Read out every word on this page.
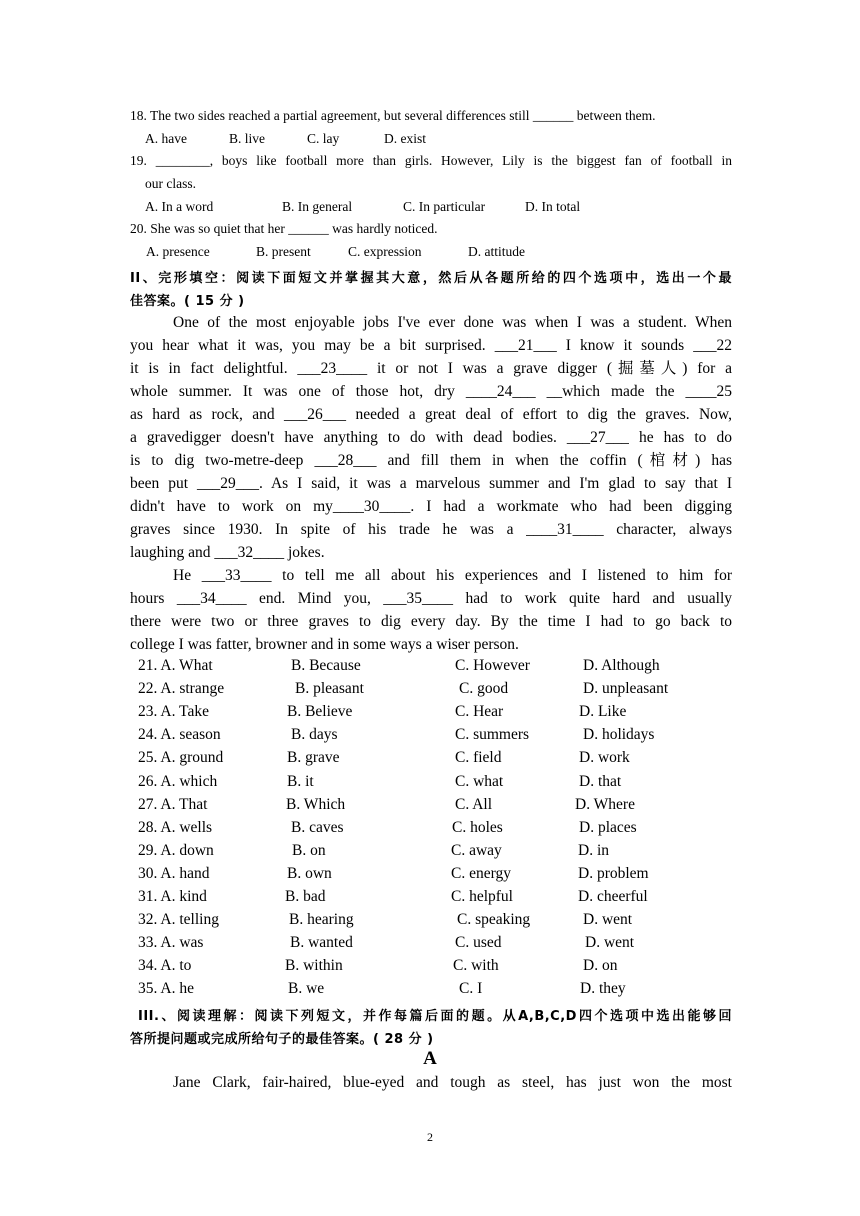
18. The two sides reached a partial agreement, but several differences still ______ between them.
A. have	B. live	C. lay	D. exist
19. ________, boys like football more than girls. However, Lily is the biggest fan of football in
our class.
A. In a word	B. In general	C. In particular	D. In total
20. She was so quiet that her ______ was hardly noticed.
A. presence	B. present	C. expression	D. attitude
II、完形填空：阅读下面短文并掌握其大意，然后从各题所给的四个选项中，选出一个最
佳答案。( 15 分 )
One of the most enjoyable jobs I've ever done was when I was a student. When
you hear what it was, you may be a bit surprised. ___21___ I know it sounds ___22
it is in fact delightful. ___23____ it or not I was a grave digger (掘墓人) for a
whole summer. It was one of those hot, dry ____24___ __which made the ____25
as hard as rock, and ___26___ needed a great deal of effort to dig the graves. Now,
a gravedigger doesn't have anything to do with dead bodies. ___27___ he has to do
is to dig two-metre-deep ___28___ and fill them in when the coffin (棺材) has
been put ___29___. As I said, it was a marvelous summer and I'm glad to say that I
didn't have to work on my____30____. I had a workmate who had been digging
graves since 1930. In spite of his trade he was a ____31____ character, always
laughing and ___32____ jokes.
He ___33____ to tell me all about his experiences and I listened to him for
hours ___34____ end. Mind you, ___35____ had to work quite hard and usually
there were two or three graves to dig every day. By the time I had to go back to
college I was fatter, browner and in some ways a wiser person.
21. A. What	B. Because	C. However	D. Although
22. A. strange	B. pleasant	C. good	D. unpleasant
23. A. Take	B. Believe	C. Hear	D. Like
24. A. season	B. days	C. summers	D. holidays
25. A. ground	B. grave	C. field	D. work
26. A. which	B. it	C. what	D. that
27. A. That	B. Which	C. All	D. Where
28. A. wells	B. caves	C. holes	D. places
29. A. down	B. on	C. away	D. in
30. A. hand	B. own	C. energy	D. problem
31. A. kind	B. bad	C. helpful	D. cheerful
32. A. telling	B. hearing	C. speaking	D. went
33. A. was	B. wanted	C. used	D. went
34. A. to	B. within	C. with	D. on
35. A. he	B. we	C. I	D. they
III.、阅读理解：阅读下列短文，并作每篇后面的题。从A,B,C,D四个选项中选出能够回
答所提问题或完成所给句子的最佳答案。( 28 分 )
A
Jane Clark, fair-haired, blue-eyed and tough as steel, has just won the most
2
